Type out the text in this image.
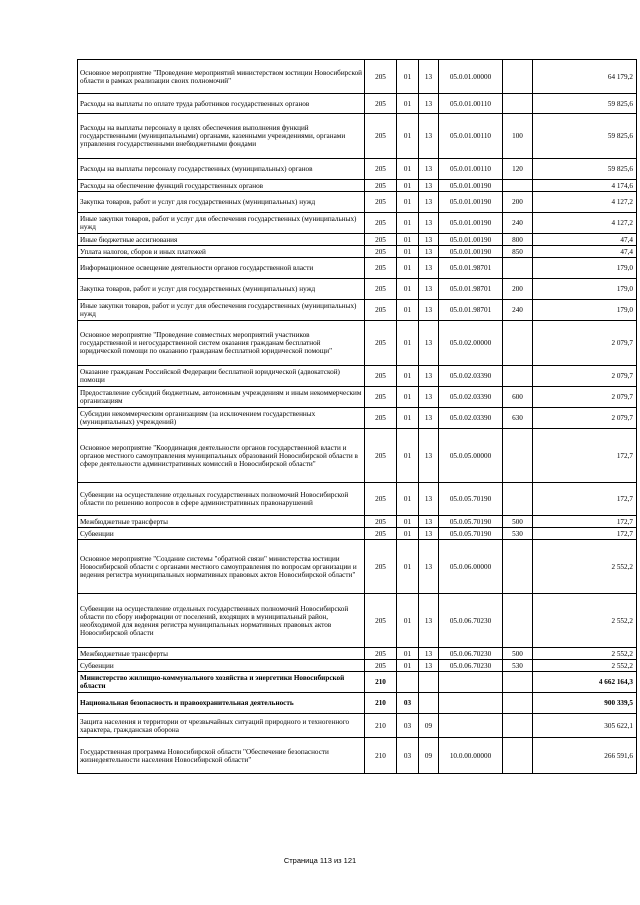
Основное мероприятие "Проведение мероприятий министерством юстиции Новосибирской области в рамках реализации своих полномочий"	205	01	13	05.0.01.00000		64 179,2
Расходы на выплаты по оплате труда работников государственных органов	205	01	13	05.0.01.00110		59 825,6
Расходы на выплаты персоналу в целях обеспечения выполнения функций государственными (муниципальными) органами, казенными учреждениями, органами управления государственными внебюджетными фондами	205	01	13	05.0.01.00110	100	59 825,6
Расходы на выплаты персоналу государственных (муниципальных) органов	205	01	13	05.0.01.00110	120	59 825,6
Расходы на обеспечение функций государственных органов	205	01	13	05.0.01.00190		4 174,6
Закупка товаров, работ и услуг для государственных (муниципальных) нужд	205	01	13	05.0.01.00190	200	4 127,2
Иные закупки товаров, работ и услуг для обеспечения государственных (муниципальных) нужд	205	01	13	05.0.01.00190	240	4 127,2
Иные бюджетные ассигнования	205	01	13	05.0.01.00190	800	47,4
Уплата налогов, сборов и иных платежей	205	01	13	05.0.01.00190	850	47,4
Информационное освещение деятельности органов государственной власти	205	01	13	05.0.01.98701		179,0
Закупка товаров, работ и услуг для государственных (муниципальных) нужд	205	01	13	05.0.01.98701	200	179,0
Иные закупки товаров, работ и услуг для обеспечения государственных (муниципальных) нужд	205	01	13	05.0.01.98701	240	179,0
Основное мероприятие "Проведение совместных мероприятий участников государственной и негосударственной систем оказания гражданам бесплатной юридической помощи по оказанию гражданам бесплатной юридической помощи"	205	01	13	05.0.02.00000		2 079,7
Оказание гражданам Российской Федерации бесплатной юридической (адвокатской) помощи	205	01	13	05.0.02.03390		2 079,7
Предоставление субсидий бюджетным, автономным учреждениям и иным некоммерческим организациям	205	01	13	05.0.02.03390	600	2 079,7
Субсидии некоммерческим организациям (за исключением государственных (муниципальных) учреждений)	205	01	13	05.0.02.03390	630	2 079,7
Основное мероприятие "Координация деятельности органов государственной власти и органов местного самоуправления муниципальных образований Новосибирской области в сфере деятельности административных комиссий в Новосибирской области"	205	01	13	05.0.05.00000		172,7
Субвенции на осуществление отдельных государственных полномочий Новосибирской области по решению вопросов в сфере административных правонарушений	205	01	13	05.0.05.70190		172,7
Межбюджетные трансферты	205	01	13	05.0.05.70190	500	172,7
Субвенции	205	01	13	05.0.05.70190	530	172,7
Основное мероприятие "Создание системы "обратной связи" министерства юстиции Новосибирской области с органами местного самоуправления по вопросам организации и ведения регистра муниципальных нормативных правовых актов Новосибирской области"	205	01	13	05.0.06.00000		2 552,2
Субвенции на осуществление отдельных государственных полномочий Новосибирской области по сбору информации от поселений, входящих в муниципальный район, необходимой для ведения регистра муниципальных нормативных правовых актов Новосибирской области	205	01	13	05.0.06.70230		2 552,2
Межбюджетные трансферты	205	01	13	05.0.06.70230	500	2 552,2
Субвенции	205	01	13	05.0.06.70230	530	2 552,2
Министерство жилищно-коммунального хозяйства и энергетики Новосибирской области	210					4 662 164,3
Национальная безопасность и правоохранительная деятельность	210	03				900 339,5
Защита населения и территории от чрезвычайных ситуаций природного и техногенного характера, гражданская оборона	210	03	09			305 622,1
Государственная программа Новосибирской области "Обеспечение безопасности жизнедеятельности населения Новосибирской области"	210	03	09	10.0.00.00000		266 591,6
Страница 113 из 121
